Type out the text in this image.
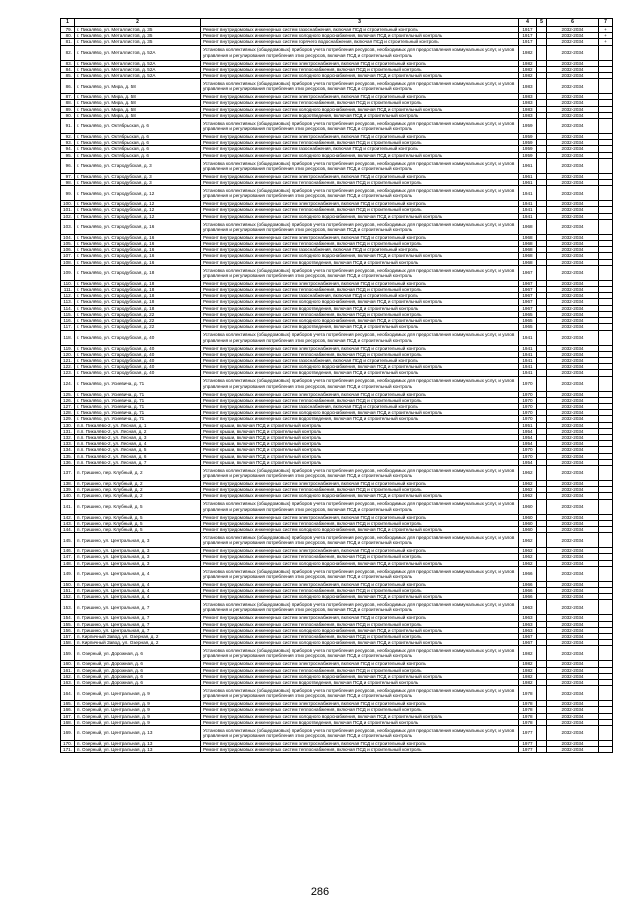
1	2	3	4	5	6	7
79.	г. Пикалёво, ул. Металлистов, д. 35	Ремонт внутридомовых инженерных систем газоснабжения, включая ПСД и строительный контроль	1917		2032-2034	+
80.	г. Пикалёво, ул. Металлистов, д. 35	Ремонт внутридомовых инженерных систем холодного водоснабжения, включая ПСД и строительный контроль	1917		2032-2034	+
81.	г. Пикалёво, ул. Металлистов, д. 35	Ремонт внутридомовых инженерных систем горячего водоснабжения, включая ПСД и строительный контроль	1917		2032-2034	+
82.	г. Пикалёво, ул. Металлистов, д. 52А	Установка коллективных (общедомовых) приборов учета потребления ресурсов, необходимых для предоставления коммунальных услуг, и узлов управления и регулирования потребления этих ресурсов, включая ПСД и строительный контроль	1982		2032-2034	
83.	г. Пикалёво, ул. Металлистов, д. 52А	Ремонт внутридомовых инженерных систем электроснабжения, включая ПСД и строительный контроль	1982		2032-2034	
84.	г. Пикалёво, ул. Металлистов, д. 52А	Ремонт внутридомовых инженерных систем теплоснабжения, включая ПСД и строительный контроль	1982		2032-2034	
85.	г. Пикалёво, ул. Металлистов, д. 52А	Ремонт внутридомовых инженерных систем холодного водоснабжения, включая ПСД и строительный контроль	1982		2032-2034	
86.	г. Пикалёво, ул. Мира, д. 58	Установка коллективных (общедомовых) приборов учета потребления ресурсов, необходимых для предоставления коммунальных услуг, и узлов управления и регулирования потребления этих ресурсов, включая ПСД и строительный контроль	1983		2032-2034	
87.	г. Пикалёво, ул. Мира, д. 58	Ремонт внутридомовых инженерных систем электроснабжения, включая ПСД и строительный контроль	1983		2032-2034	
88.	г. Пикалёво, ул. Мира, д. 58	Ремонт внутридомовых инженерных систем теплоснабжения, включая ПСД и строительный контроль	1983		2032-2034	
89.	г. Пикалёво, ул. Мира, д. 58	Ремонт внутридомовых инженерных систем холодного водоснабжения, включая ПСД и строительный контроль	1983		2032-2034	
90.	г. Пикалёво, ул. Мира, д. 58	Ремонт внутридомовых инженерных систем водоотведения, включая ПСД и строительный контроль	1983		2032-2034	
91.	г. Пикалёво, ул. Октябрьская, д. 6	Установка коллективных (общедомовых) приборов учета потребления ресурсов, необходимых для предоставления коммунальных услуг, и узлов управления и регулирования потребления этих ресурсов, включая ПСД и строительный контроль	1959		2032-2034	
92.	г. Пикалёво, ул. Октябрьская, д. 6	Ремонт внутридомовых инженерных систем электроснабжения, включая ПСД и строительный контроль	1959		2032-2034	
93.	г. Пикалёво, ул. Октябрьская, д. 6	Ремонт внутридомовых инженерных систем теплоснабжения, включая ПСД и строительный контроль	1959		2032-2034	
94.	г. Пикалёво, ул. Октябрьская, д. 6	Ремонт внутридомовых инженерных систем газоснабжения, включая ПСД и строительный контроль	1959		2032-2034	
95.	г. Пикалёво, ул. Октябрьская, д. 6	Ремонт внутридомовых инженерных систем холодного водоснабжения, включая ПСД и строительный контроль	1959		2032-2034	
96.	г. Пикалёво, ул. Стародубская, д. 3	Установка коллективных (общедомовых) приборов учета потребления ресурсов, необходимых для предоставления коммунальных услуг, и узлов управления и регулирования потребления этих ресурсов, включая ПСД и строительный контроль	1961		2032-2034	
97.	г. Пикалёво, ул. Стародубская, д. 3	Ремонт внутридомовых инженерных систем электроснабжения, включая ПСД и строительный контроль	1961		2032-2034	
98.	г. Пикалёво, ул. Стародубская, д. 3	Ремонт внутридомовых инженерных систем теплоснабжения, включая ПСД и строительный контроль	1961		2032-2034	
99.	г. Пикалёво, ул. Стародубская, д. 12	Установка коллективных (общедомовых) приборов учета потребления ресурсов, необходимых для предоставления коммунальных услуг, и узлов управления и регулирования потребления этих ресурсов, включая ПСД и строительный контроль	1941		2032-2034	
100.	г. Пикалёво, ул. Стародубская, д. 12	Ремонт внутридомовых инженерных систем электроснабжения, включая ПСД и строительный контроль	1941		2032-2034	
101.	г. Пикалёво, ул. Стародубская, д. 12	Ремонт внутридомовых инженерных систем теплоснабжения, включая ПСД и строительный контроль	1941		2032-2034	
102.	г. Пикалёво, ул. Стародубская, д. 12	Ремонт внутридомовых инженерных систем холодного водоснабжения, включая ПСД и строительный контроль	1941		2032-2034	
103.	г. Пикалёво, ул. Стародубская, д. 16	Установка коллективных (общедомовых) приборов учета потребления ресурсов, необходимых для предоставления коммунальных услуг, и узлов управления и регулирования потребления этих ресурсов, включая ПСД и строительный контроль	1968		2032-2034	
104.	г. Пикалёво, ул. Стародубская, д. 16	Ремонт внутридомовых инженерных систем электроснабжения, включая ПСД и строительный контроль	1968		2032-2034	
105.	г. Пикалёво, ул. Стародубская, д. 16	Ремонт внутридомовых инженерных систем теплоснабжения, включая ПСД и строительный контроль	1968		2032-2034	
106.	г. Пикалёво, ул. Стародубская, д. 16	Ремонт внутридомовых инженерных систем газоснабжения, включая ПСД и строительный контроль	1968		2032-2034	
107.	г. Пикалёво, ул. Стародубская, д. 16	Ремонт внутридомовых инженерных систем холодного водоснабжения, включая ПСД и строительный контроль	1968		2032-2034	
108.	г. Пикалёво, ул. Стародубская, д. 16	Ремонт внутридомовых инженерных систем водоотведения, включая ПСД и строительный контроль	1968		2032-2034	
109.	г. Пикалёво, ул. Стародубская, д. 18	Установка коллективных (общедомовых) приборов учета потребления ресурсов, необходимых для предоставления коммунальных услуг, и узлов управления и регулирования потребления этих ресурсов, включая ПСД и строительный контроль	1967		2032-2034	
110.	г. Пикалёво, ул. Стародубская, д. 18	Ремонт внутридомовых инженерных систем электроснабжения, включая ПСД и строительный контроль	1967		2032-2034	
111.	г. Пикалёво, ул. Стародубская, д. 18	Ремонт внутридомовых инженерных систем теплоснабжения, включая ПСД и строительный контроль	1967		2032-2034	
112.	г. Пикалёво, ул. Стародубская, д. 18	Ремонт внутридомовых инженерных систем газоснабжения, включая ПСД и строительный контроль	1967		2032-2034	
113.	г. Пикалёво, ул. Стародубская, д. 18	Ремонт внутридомовых инженерных систем холодного водоснабжения, включая ПСД и строительный контроль	1967		2032-2034	
114.	г. Пикалёво, ул. Стародубская, д. 18	Ремонт внутридомовых инженерных систем водоотведения, включая ПСД и строительный контроль	1967		2032-2034	
115.	г. Пикалёво, ул. Стародубская, д. 22	Ремонт внутридомовых инженерных систем теплоснабжения, включая ПСД и строительный контроль	1965		2032-2034	
116.	г. Пикалёво, ул. Стародубская, д. 22	Ремонт внутридомовых инженерных систем холодного водоснабжения, включая ПСД и строительный контроль	1965		2032-2034	
117.	г. Пикалёво, ул. Стародубская, д. 22	Ремонт внутридомовых инженерных систем водоотведения, включая ПСД и строительный контроль	1965		2032-2034	
118.	г. Пикалёво, ул. Стародубская, д. 40	Установка коллективных (общедомовых) приборов учета потребления ресурсов, необходимых для предоставления коммунальных услуг, и узлов управления и регулирования потребления этих ресурсов, включая ПСД и строительный контроль	1941		2032-2034	
119.	г. Пикалёво, ул. Стародубская, д. 40	Ремонт внутридомовых инженерных систем электроснабжения, включая ПСД и строительный контроль	1941		2032-2034	
120.	г. Пикалёво, ул. Стародубская, д. 40	Ремонт внутридомовых инженерных систем теплоснабжения, включая ПСД и строительный контроль	1941		2032-2034	
121.	г. Пикалёво, ул. Стародубская, д. 40	Ремонт внутридомовых инженерных систем газоснабжения, включая ПСД и строительный контроль	1941		2032-2034	
122.	г. Пикалёво, ул. Стародубская, д. 40	Ремонт внутридомовых инженерных систем холодного водоснабжения, включая ПСД и строительный контроль	1941		2032-2034	
123.	г. Пикалёво, ул. Стародубская, д. 40	Ремонт внутридомовых инженерных систем водоотведения, включая ПСД и строительный контроль	1941		2032-2034	
124.	г. Пикалёво, ул. Усиевича, д. 71	Установка коллективных (общедомовых) приборов учета потребления ресурсов, необходимых для предоставления коммунальных услуг, и узлов управления и регулирования потребления этих ресурсов, включая ПСД и строительный контроль	1970		2032-2034	
125.	г. Пикалёво, ул. Усиевича, д. 71	Ремонт внутридомовых инженерных систем электроснабжения, включая ПСД и строительный контроль	1970		2032-2034	
126.	г. Пикалёво, ул. Усиевича, д. 71	Ремонт внутридомовых инженерных систем теплоснабжения, включая ПСД и строительный контроль	1970		2032-2034	
127.	г. Пикалёво, ул. Усиевича, д. 71	Ремонт внутридомовых инженерных систем газоснабжения, включая ПСД и строительный контроль	1970		2032-2034	
128.	г. Пикалёво, ул. Усиевича, д. 71	Ремонт внутридомовых инженерных систем холодного водоснабжения, включая ПСД и строительный контроль	1970		2032-2034	
129.	г. Пикалёво, ул. Усиевича, д. 71	Ремонт внутридомовых инженерных систем водоотведения, включая ПСД и строительный контроль	1970		2032-2034	
130.	п.п. Пикалёво-2, ул. Лесная, д. 1	Ремонт крыши, включая ПСД и строительный контроль	1951		2032-2034	
131.	п.п. Пикалёво-2, ул. Лесная, д. 2	Ремонт крыши, включая ПСД и строительный контроль	1954		2032-2034	
132.	п.п. Пикалёво-2, ул. Лесная, д. 3	Ремонт крыши, включая ПСД и строительный контроль	1954		2032-2034	
133.	п.п. Пикалёво-2, ул. Лесная, д. 4	Ремонт крыши, включая ПСД и строительный контроль	1954		2032-2034	
134.	п.п. Пикалёво-2, ул. Лесная, д. 5	Ремонт крыши, включая ПСД и строительный контроль	1970		2032-2034	
135.	п.п. Пикалёво-2, ул. Лесная, д. 6	Ремонт крыши, включая ПСД и строительный контроль	1970		2032-2034	
136.	п.п. Пикалёво-2, ул. Лесная, д. 7	Ремонт крыши, включая ПСД и строительный контроль	1954		2032-2034	
137.	п. Гришино, пер. Клубный, д. 2	Установка коллективных (общедомовых) приборов учета потребления ресурсов, необходимых для предоставления коммунальных услуг, и узлов управления и регулирования потребления этих ресурсов, включая ПСД и строительный контроль	1962		2032-2034	
138.	п. Гришино, пер. Клубный, д. 2	Ремонт внутридомовых инженерных систем электроснабжения, включая ПСД и строительный контроль	1962		2032-2034	
139.	п. Гришино, пер. Клубный, д. 2	Ремонт внутридомовых инженерных систем теплоснабжения, включая ПСД и строительный контроль	1962		2032-2034	
140.	п. Гришино, пер. Клубный, д. 2	Ремонт внутридомовых инженерных систем холодного водоснабжения, включая ПСД и строительный контроль	1962		2032-2034	
141.	п. Гришино, пер. Клубный, д. 5	Установка коллективных (общедомовых) приборов учета потребления ресурсов, необходимых для предоставления коммунальных услуг, и узлов управления и регулирования потребления этих ресурсов, включая ПСД и строительный контроль	1960		2032-2034	
142.	п. Гришино, пер. Клубный, д. 5	Ремонт внутридомовых инженерных систем электроснабжения, включая ПСД и строительный контроль	1960		2032-2034	
143.	п. Гришино, пер. Клубный, д. 5	Ремонт внутридомовых инженерных систем теплоснабжения, включая ПСД и строительный контроль	1960		2032-2034	
144.	п. Гришино, пер. Клубный, д. 5	Ремонт внутридомовых инженерных систем холодного водоснабжения, включая ПСД и строительный контроль	1960		2032-2034	
145.	п. Гришино, ул. Центральная, д. 3	Установка коллективных (общедомовых) приборов учета потребления ресурсов, необходимых для предоставления коммунальных услуг, и узлов управления и регулирования потребления этих ресурсов, включая ПСД и строительный контроль	1962		2032-2034	
146.	п. Гришино, ул. Центральная, д. 3	Ремонт внутридомовых инженерных систем электроснабжения, включая ПСД и строительный контроль	1962		2032-2034	
147.	п. Гришино, ул. Центральная, д. 3	Ремонт внутридомовых инженерных систем теплоснабжения, включая ПСД и строительный контроль	1962		2032-2034	
148.	п. Гришино, ул. Центральная, д. 3	Ремонт внутридомовых инженерных систем холодного водоснабжения, включая ПСД и строительный контроль	1962		2032-2034	
149.	п. Гришино, ул. Центральная, д. 4	Установка коллективных (общедомовых) приборов учета потребления ресурсов, необходимых для предоставления коммунальных услуг, и узлов управления и регулирования потребления этих ресурсов, включая ПСД и строительный контроль	1966		2032-2034	
150.	п. Гришино, ул. Центральная, д. 4	Ремонт внутридомовых инженерных систем электроснабжения, включая ПСД и строительный контроль	1966		2032-2034	
151.	п. Гришино, ул. Центральная, д. 4	Ремонт внутридомовых инженерных систем теплоснабжения, включая ПСД и строительный контроль	1966		2032-2034	
152.	п. Гришино, ул. Центральная, д. 4	Ремонт внутридомовых инженерных систем холодного водоснабжения, включая ПСД и строительный контроль	1966		2032-2034	
153.	п. Гришино, ул. Центральная, д. 7	Установка коллективных (общедомовых) приборов учета потребления ресурсов, необходимых для предоставления коммунальных услуг, и узлов управления и регулирования потребления этих ресурсов, включая ПСД и строительный контроль	1963		2032-2034	
154.	п. Гришино, ул. Центральная, д. 7	Ремонт внутридомовых инженерных систем электроснабжения, включая ПСД и строительный контроль	1963		2032-2034	
155.	п. Гришино, ул. Центральная, д. 7	Ремонт внутридомовых инженерных систем теплоснабжения, включая ПСД и строительный контроль	1963		2032-2034	
156.	п. Гришино, ул. Центральная, д. 7	Ремонт внутридомовых инженерных систем холодного водоснабжения, включая ПСД и строительный контроль	1963		2032-2034	
157.	п. Кирпичный Завод, ул. Озерная, д. 2	Ремонт внутридомовых инженерных систем теплоснабжения, включая ПСД и строительный контроль	1967		2032-2034	
158.	п. Кирпичный Завод, ул. Озерная, д. 2	Ремонт внутридомовых инженерных систем холодного водоснабжения, включая ПСД и строительный контроль	1967		2032-2034	
159.	п. Озерный, ул. Дорожная, д. 6	Установка коллективных (общедомовых) приборов учета потребления ресурсов, необходимых для предоставления коммунальных услуг, и узлов управления и регулирования потребления этих ресурсов, включая ПСД и строительный контроль	1982		2032-2034	
160.	п. Озерный, ул. Дорожная, д. 6	Ремонт внутридомовых инженерных систем электроснабжения, включая ПСД и строительный контроль	1982		2032-2034	
161.	п. Озерный, ул. Дорожная, д. 6	Ремонт внутридомовых инженерных систем теплоснабжения, включая ПСД и строительный контроль	1982		2032-2034	
162.	п. Озерный, ул. Дорожная, д. 6	Ремонт внутридомовых инженерных систем холодного водоснабжения, включая ПСД и строительный контроль	1982		2032-2034	
163.	п. Озерный, ул. Дорожная, д. 6	Ремонт внутридомовых инженерных систем водоотведения, включая ПСД и строительный контроль	1982		2032-2034	
164.	п. Озерный, ул. Центральная, д. 9	Установка коллективных (общедомовых) приборов учета потребления ресурсов, необходимых для предоставления коммунальных услуг, и узлов управления и регулирования потребления этих ресурсов, включая ПСД и строительный контроль	1978		2032-2034	
165.	п. Озерный, ул. Центральная, д. 9	Ремонт внутридомовых инженерных систем электроснабжения, включая ПСД и строительный контроль	1978		2032-2034	
166.	п. Озерный, ул. Центральная, д. 9	Ремонт внутридомовых инженерных систем теплоснабжения, включая ПСД и строительный контроль	1978		2032-2034	
167.	п. Озерный, ул. Центральная, д. 9	Ремонт внутридомовых инженерных систем холодного водоснабжения, включая ПСД и строительный контроль	1978		2032-2034	
168.	п. Озерный, ул. Центральная, д. 9	Ремонт внутридомовых инженерных систем водоотведения, включая ПСД и строительный контроль	1978		2032-2034	
169.	п. Озерный, ул. Центральная, д. 13	Установка коллективных (общедомовых) приборов учета потребления ресурсов, необходимых для предоставления коммунальных услуг, и узлов управления и регулирования потребления этих ресурсов, включая ПСД и строительный контроль	1977		2032-2034	
170.	п. Озерный, ул. Центральная, д. 13	Ремонт внутридомовых инженерных систем электроснабжения, включая ПСД и строительный контроль	1977		2032-2034	
171.	п. Озерный, ул. Центральная, д. 13	Ремонт внутридомовых инженерных систем теплоснабжения, включая ПСД и строительный контроль	1977		2032-2034	
286
